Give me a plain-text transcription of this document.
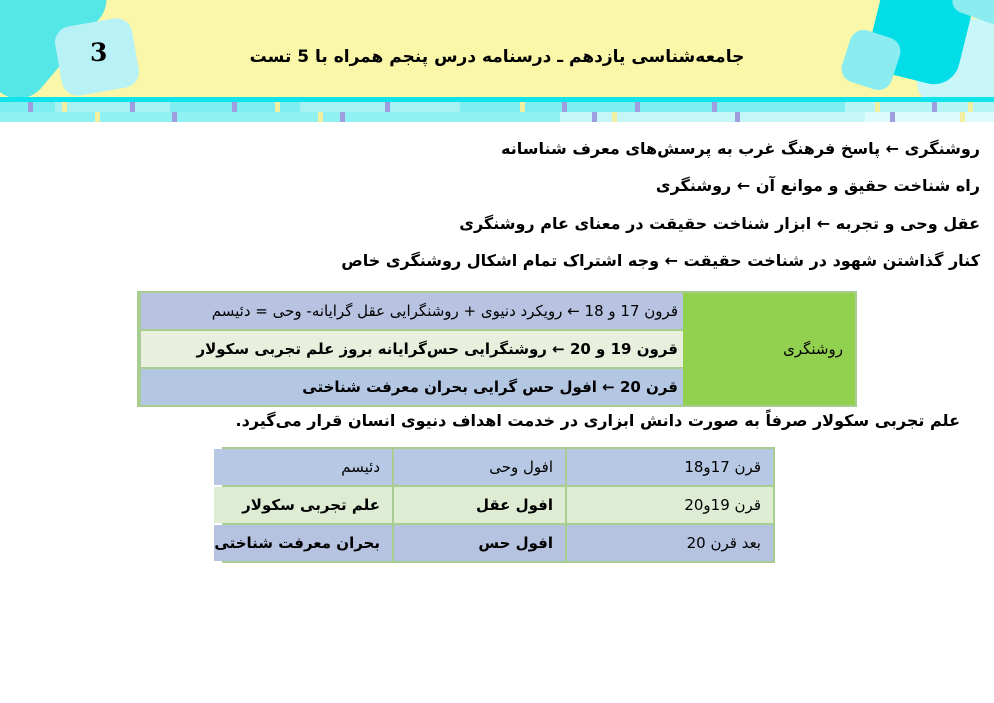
3	جامعه‌شناسی یازدهم ـ درسنامه درس پنجم همراه با 5 تست
روشنگری ← پاسخ فرهنگ غرب به پرسش‌های معرف شناسانه
راه شناخت حقیق و موانع آن ← روشنگری
عقل وحی و تجربه ← ابزار شناخت حقیقت در معنای عام روشنگری
کنار گذاشتن شهود در شناخت حقیقت ← وجه اشتراک تمام اشکال روشنگری خاص
روشنگری
قرون 17 و 18 ← رویکرد دنیوی + روشنگرایی عقل گرایانه- وحی = دئیسم
قرون 19 و 20 ← روشنگرایی حس‌گرایانه بروز علم تجربی سکولار
قرن 20 ← افول حس گرایی بحران معرفت شناختی
علم تجربی سکولار صرفاً به صورت دانش ابزاری در خدمت اهداف دنیوی انسان قرار می‌گیرد.
قرن 17و18
افول وحی
دئیسم
قرن 19و20
افول عقل
علم تجربی سکولار
بعد قرن 20
افول حس
بحران معرفت شناختی
